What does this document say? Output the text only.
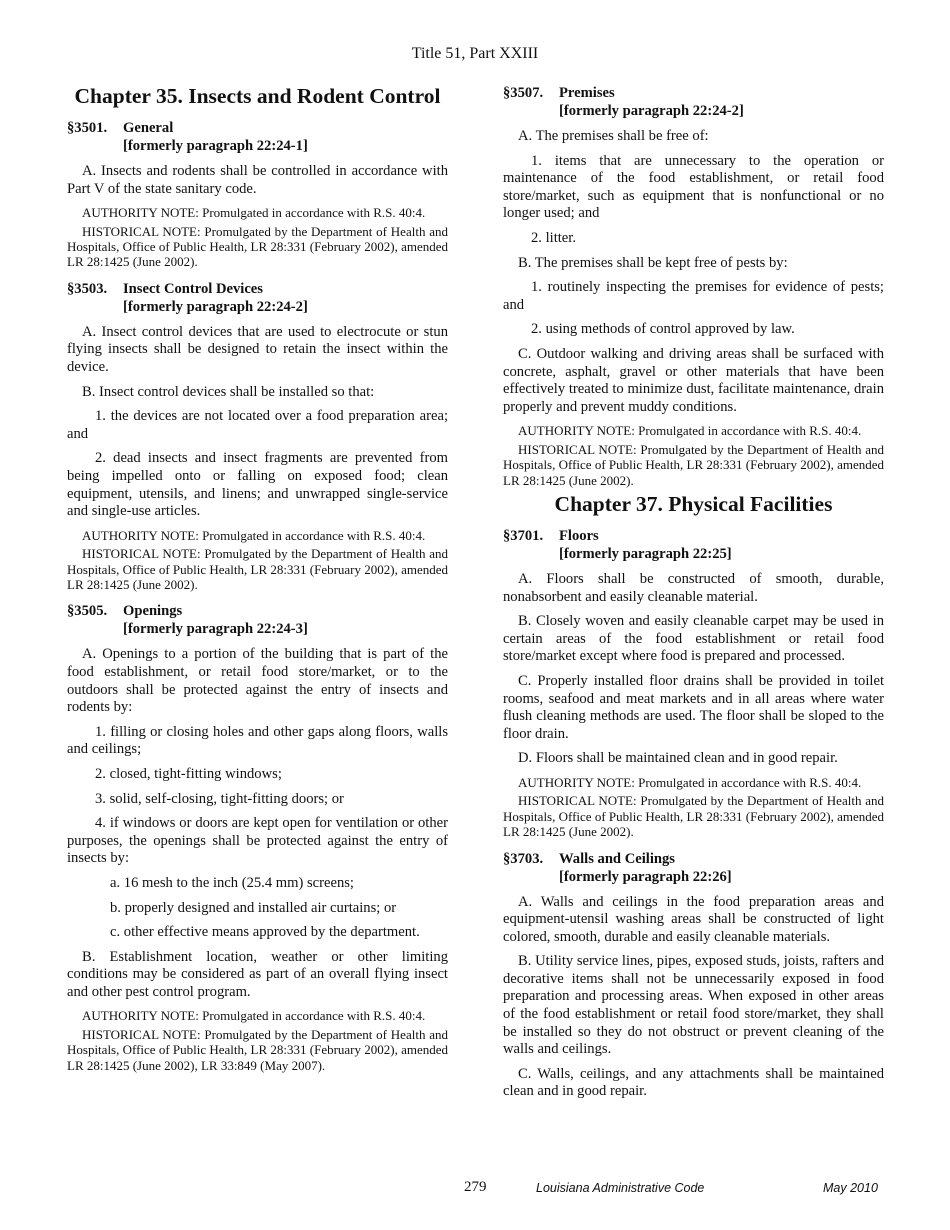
Title 51, Part XXIII
Chapter 35. Insects and Rodent Control
§3501. General
[formerly paragraph 22:24-1]

A. Insects and rodents shall be controlled in accordance with Part V of the state sanitary code.

AUTHORITY NOTE: Promulgated in accordance with R.S. 40:4.

HISTORICAL NOTE: Promulgated by the Department of Health and Hospitals, Office of Public Health, LR 28:331 (February 2002), amended LR 28:1425 (June 2002).

§3503. Insect Control Devices
[formerly paragraph 22:24-2]

A. Insect control devices that are used to electrocute or stun flying insects shall be designed to retain the insect within the device.

B. Insect control devices shall be installed so that:

1. the devices are not located over a food preparation area; and

2. dead insects and insect fragments are prevented from being impelled onto or falling on exposed food; clean equipment, utensils, and linens; and unwrapped single-service and single-use articles.

AUTHORITY NOTE: Promulgated in accordance with R.S. 40:4.

HISTORICAL NOTE: Promulgated by the Department of Health and Hospitals, Office of Public Health, LR 28:331 (February 2002), amended LR 28:1425 (June 2002).

§3505. Openings
[formerly paragraph 22:24-3]

A. Openings to a portion of the building that is part of the food establishment, or retail food store/market, or to the outdoors shall be protected against the entry of insects and rodents by:

1. filling or closing holes and other gaps along floors, walls and ceilings;

2. closed, tight-fitting windows;

3. solid, self-closing, tight-fitting doors; or

4. if windows or doors are kept open for ventilation or other purposes, the openings shall be protected against the entry of insects by:

a. 16 mesh to the inch (25.4 mm) screens;

b. properly designed and installed air curtains; or

c. other effective means approved by the department.

B. Establishment location, weather or other limiting conditions may be considered as part of an overall flying insect and other pest control program.

AUTHORITY NOTE: Promulgated in accordance with R.S. 40:4.

HISTORICAL NOTE: Promulgated by the Department of Health and Hospitals, Office of Public Health, LR 28:331 (February 2002), amended LR 28:1425 (June 2002), LR 33:849 (May 2007).

§3507. Premises
[formerly paragraph 22:24-2]

A. The premises shall be free of:

1. items that are unnecessary to the operation or maintenance of the food establishment, or retail food store/market, such as equipment that is nonfunctional or no longer used; and

2. litter.

B. The premises shall be kept free of pests by:

1. routinely inspecting the premises for evidence of pests; and

2. using methods of control approved by law.

C. Outdoor walking and driving areas shall be surfaced with concrete, asphalt, gravel or other materials that have been effectively treated to minimize dust, facilitate maintenance, drain properly and prevent muddy conditions.

AUTHORITY NOTE: Promulgated in accordance with R.S. 40:4.

HISTORICAL NOTE: Promulgated by the Department of Health and Hospitals, Office of Public Health, LR 28:331 (February 2002), amended LR 28:1425 (June 2002).

Chapter 37. Physical Facilities
§3701. Floors
[formerly paragraph 22:25]

A. Floors shall be constructed of smooth, durable, nonabsorbent and easily cleanable material.

B. Closely woven and easily cleanable carpet may be used in certain areas of the food establishment or retail food store/market except where food is prepared and processed.

C. Properly installed floor drains shall be provided in toilet rooms, seafood and meat markets and in all areas where water flush cleaning methods are used. The floor shall be sloped to the floor drain.

D. Floors shall be maintained clean and in good repair.

AUTHORITY NOTE: Promulgated in accordance with R.S. 40:4.

HISTORICAL NOTE: Promulgated by the Department of Health and Hospitals, Office of Public Health, LR 28:331 (February 2002), amended LR 28:1425 (June 2002).

§3703. Walls and Ceilings
[formerly paragraph 22:26]

A. Walls and ceilings in the food preparation areas and equipment-utensil washing areas shall be constructed of light colored, smooth, durable and easily cleanable materials.

B. Utility service lines, pipes, exposed studs, joists, rafters and decorative items shall not be unnecessarily exposed in food preparation and processing areas. When exposed in other areas of the food establishment or retail food store/market, they shall be installed so they do not obstruct or prevent cleaning of the walls and ceilings.

C. Walls, ceilings, and any attachments shall be maintained clean and in good repair.

279	Louisiana Administrative Code	May 2010
